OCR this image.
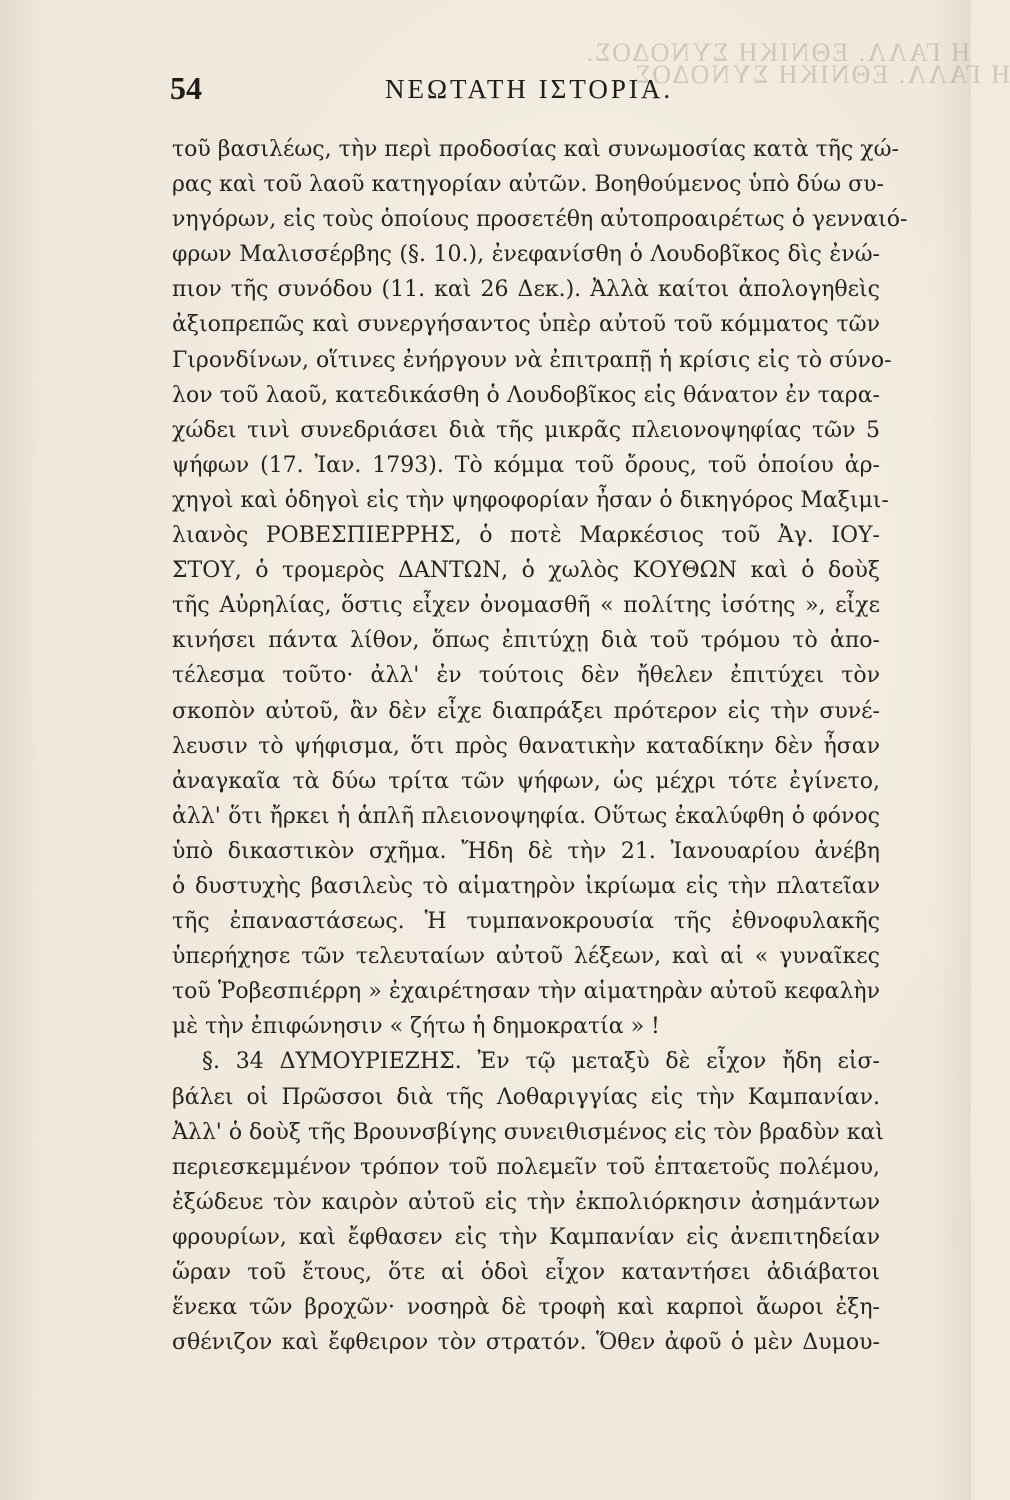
Η ΓΑΛΛ. ΕΘΝΙΚΗ ΣΥΝΟΔΟΣ.
Η ΓΑΛΛ. ΕΘΝΙΚΗ ΣΥΝΟΔΟΣ.
54	ΝΕΩΤΑΤΗ ΙΣΤΟΡΙΑ.
τοῦ βασιλέως, τὴν περὶ προδοσίας καὶ συνωμοσίας κατὰ τῆς χώ-
ρας καὶ τοῦ λαοῦ κατηγορίαν αὐτῶν. Βοηθούμενος ὑπὸ δύω συ-
νηγόρων, εἰς τοὺς ὁποίους προσετέθη αὐτοπροαιρέτως ὁ γενναιό-
φρων Μαλισσέρβης (§. 10.), ἐνεφανίσθη ὁ Λουδοβῖκος δὶς ἐνώ-
πιον τῆς συνόδου (11. καὶ 26 Δεκ.). Ἀλλὰ καίτοι ἀπολογηθεὶς
ἀξιοπρεπῶς καὶ συνεργήσαντος ὑπὲρ αὐτοῦ τοῦ κόμματος τῶν
Γιρονδίνων, οἵτινες ἐνήργουν νὰ ἐπιτραπῇ ἡ κρίσις εἰς τὸ σύνο-
λον τοῦ λαοῦ, κατεδικάσθη ὁ Λουδοβῖκος εἰς θάνατον ἐν ταρα-
χώδει τινὶ συνεδριάσει διὰ τῆς μικρᾶς πλειονοψηφίας τῶν 5
ψήφων (17. Ἰαν. 1793). Τὸ κόμμα τοῦ ὄρους, τοῦ ὁποίου ἀρ-
χηγοὶ καὶ ὁδηγοὶ εἰς τὴν ψηφοφορίαν ἦσαν ὁ δικηγόρος Μαξιμι-
λιανὸς ΡΟΒΕΣΠΙΕΡΡΗΣ, ὁ ποτὲ Μαρκέσιος τοῦ Ἀγ. ΙΟΥ-
ΣΤΟΥ, ὁ τρομερὸς ΔΑΝΤΩΝ, ὁ χωλὸς ΚΟΥΘΩΝ καὶ ὁ δοὺξ
τῆς Αὐρηλίας, ὅστις εἶχεν ὀνομασθῆ « πολίτης ἰσότης », εἶχε
κινήσει πάντα λίθον, ὅπως ἐπιτύχῃ διὰ τοῦ τρόμου τὸ ἀπο-
τέλεσμα τοῦτο· ἀλλ' ἐν τούτοις δὲν ἤθελεν ἐπιτύχει τὸν
σκοπὸν αὐτοῦ, ἂν δὲν εἶχε διαπράξει πρότερον εἰς τὴν συνέ-
λευσιν τὸ ψήφισμα, ὅτι πρὸς θανατικὴν καταδίκην δὲν ἦσαν
ἀναγκαῖα τὰ δύω τρίτα τῶν ψήφων, ὡς μέχρι τότε ἐγίνετο,
ἀλλ' ὅτι ἤρκει ἡ ἁπλῆ πλειονοψηφία. Οὕτως ἐκαλύφθη ὁ φόνος
ὑπὸ δικαστικὸν σχῆμα. Ἤδη δὲ τὴν 21. Ἰανουαρίου ἀνέβη
ὁ δυστυχὴς βασιλεὺς τὸ αἱματηρὸν ἰκρίωμα εἰς τὴν πλατεῖαν
τῆς ἐπαναστάσεως. Ἡ τυμπανοκρουσία τῆς ἐθνοφυλακῆς
ὑπερήχησε τῶν τελευταίων αὐτοῦ λέξεων, καὶ αἱ « γυναῖκες
τοῦ Ῥοβεσπιέρρη » ἐχαιρέτησαν τὴν αἱματηρὰν αὐτοῦ κεφαλὴν
μὲ τὴν ἐπιφώνησιν « ζήτω ἡ δημοκρατία » !
§. 34 ΔΥΜΟΥΡΙΕΖΗΣ. Ἐν τῷ μεταξὺ δὲ εἶχον ἤδη εἰσ-
βάλει οἱ Πρῶσσοι διὰ τῆς Λοθαριγγίας εἰς τὴν Καμπανίαν.
Ἀλλ' ὁ δοὺξ τῆς Βρουνσβίγης συνειθισμένος εἰς τὸν βραδὺν καὶ
περιεσκεμμένον τρόπον τοῦ πολεμεῖν τοῦ ἑπταετοῦς πολέμου,
ἐξώδευε τὸν καιρὸν αὐτοῦ εἰς τὴν ἐκπολιόρκησιν ἀσημάντων
φρουρίων, καὶ ἔφθασεν εἰς τὴν Καμπανίαν εἰς ἀνεπιτηδείαν
ὥραν τοῦ ἔτους, ὅτε αἱ ὁδοὶ εἶχον καταντήσει ἀδιάβατοι
ἕνεκα τῶν βροχῶν· νοσηρὰ δὲ τροφὴ καὶ καρποὶ ἄωροι ἐξη-
σθένιζον καὶ ἔφθειρον τὸν στρατόν. Ὅθεν ἀφοῦ ὁ μὲν Δυμου-
